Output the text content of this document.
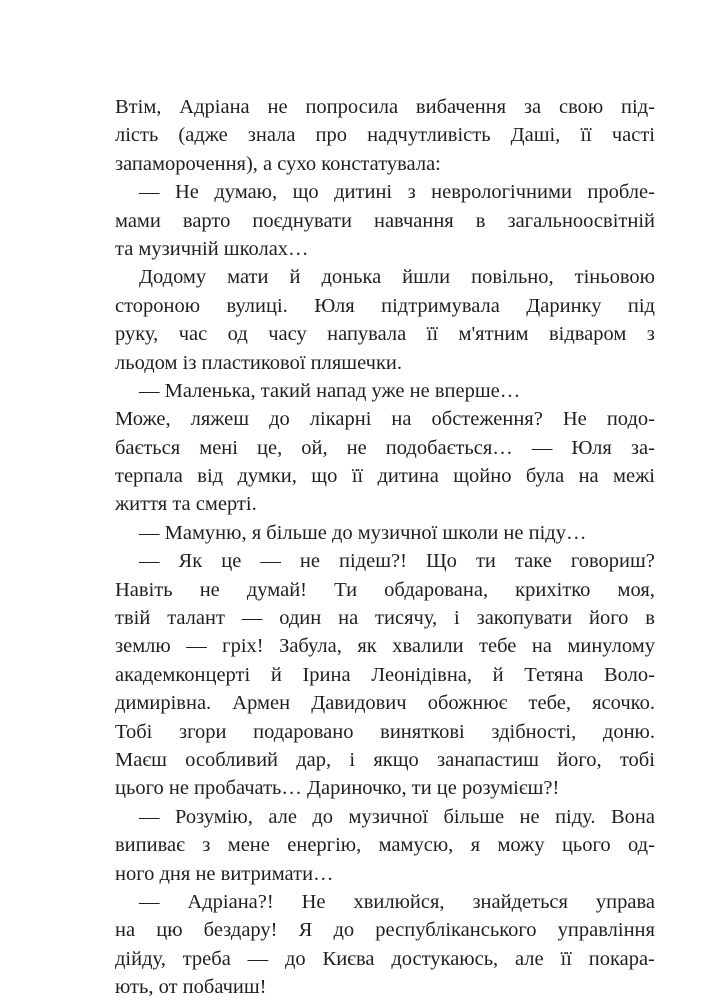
Втім, Адріана не попросила вибачення за свою під-
лість (адже знала про надчутливість Даші, її часті
запаморочення), а сухо констатувала:
— Не думаю, що дитині з неврологічними пробле-
мами варто поєднувати навчання в загальноосвітній
та музичній школах…
Додому мати й донька йшли повільно, тіньовою
стороною вулиці. Юля підтримувала Даринку під
руку, час од часу напувала її м'ятним відваром з
льодом із пластикової пляшечки.
— Маленька, такий напад уже не вперше…
Може, ляжеш до лікарні на обстеження? Не подо-
бається мені це, ой, не подобається… — Юля за-
терпала від думки, що її дитина щойно була на межі
життя та смерті.
— Мамуню, я більше до музичної школи не піду…
— Як це — не підеш?! Що ти таке говориш?
Навіть не думай! Ти обдарована, крихітко моя,
твій талант — один на тисячу, і закопувати його в
землю — гріх! Забула, як хвалили тебе на минулому
академконцерті й Ірина Леонідівна, й Тетяна Воло-
димирівна. Армен Давидович обожнює тебе, ясочко.
Тобі згори подаровано виняткові здібності, доню.
Маєш особливий дар, і якщо занапастиш його, тобі
цього не пробачать… Дариночко, ти це розумієш?!
— Розумію, але до музичної більше не піду. Вона
випиває з мене енергію, мамусю, я можу цього од-
ного дня не витримати…
— Адріана?! Не хвилюйся, знайдеться управа
на цю бездару! Я до республіканського управління
дійду, треба — до Києва достукаюсь, але її покара-
ють, от побачиш!
